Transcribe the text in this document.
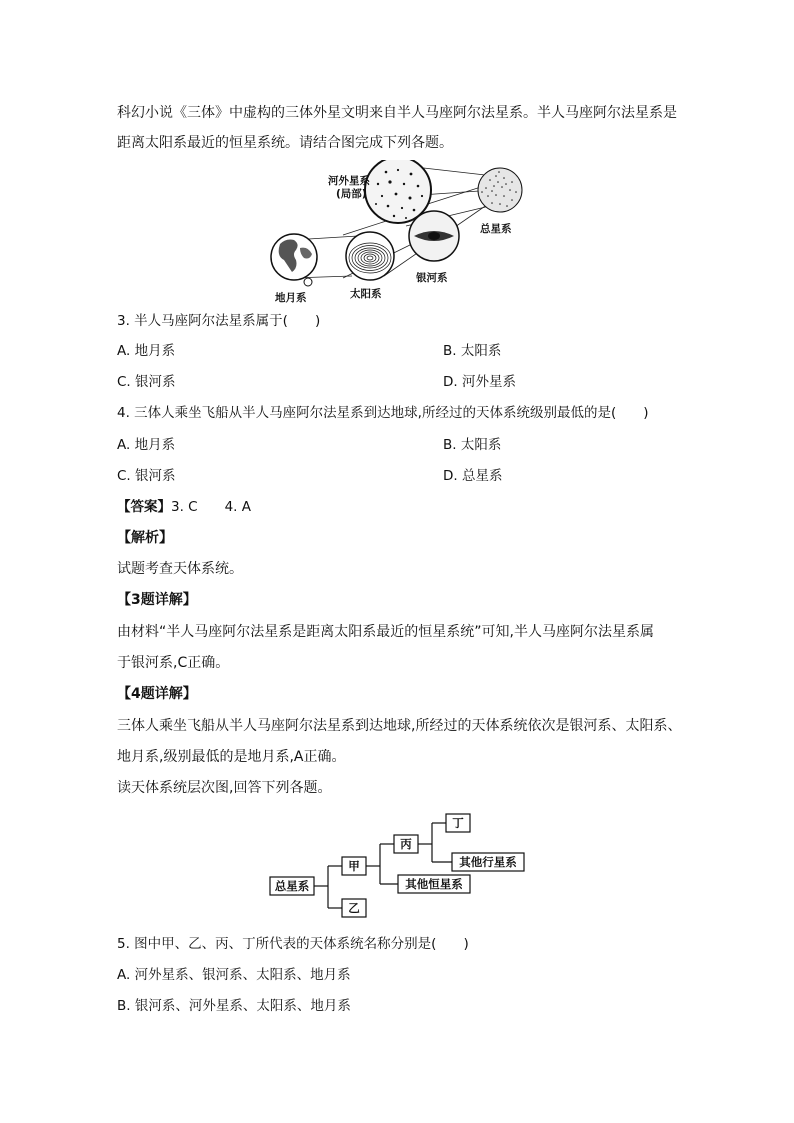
科幻小说《三体》中虚构的三体外星文明来自半人马座阿尔法星系。半人马座阿尔法星系是
距离太阳系最近的恒星系统。请结合图完成下列各题。
河外星系
(局部)
总星系
银河系
太阳系
地月系
3. 半人马座阿尔法星系属于(　　)
A. 地月系	B. 太阳系
C. 银河系	D. 河外星系
4. 三体人乘坐飞船从半人马座阿尔法星系到达地球,所经过的天体系统级别最低的是(　　)
A. 地月系	B. 太阳系
C. 银河系	D. 总星系
【答案】3. C　　4. A
【解析】
试题考查天体系统。
【3题详解】
由材料“半人马座阿尔法星系是距离太阳系最近的恒星系统”可知,半人马座阿尔法星系属
于银河系,C正确。
【4题详解】
三体人乘坐飞船从半人马座阿尔法星系到达地球,所经过的天体系统依次是银河系、太阳系、
地月系,级别最低的是地月系,A正确。
读天体系统层次图,回答下列各题。
总星系
甲
乙
丙
丁
其他行星系
其他恒星系
5. 图中甲、乙、丙、丁所代表的天体系统名称分别是(　　)
A. 河外星系、银河系、太阳系、地月系
B. 银河系、河外星系、太阳系、地月系
